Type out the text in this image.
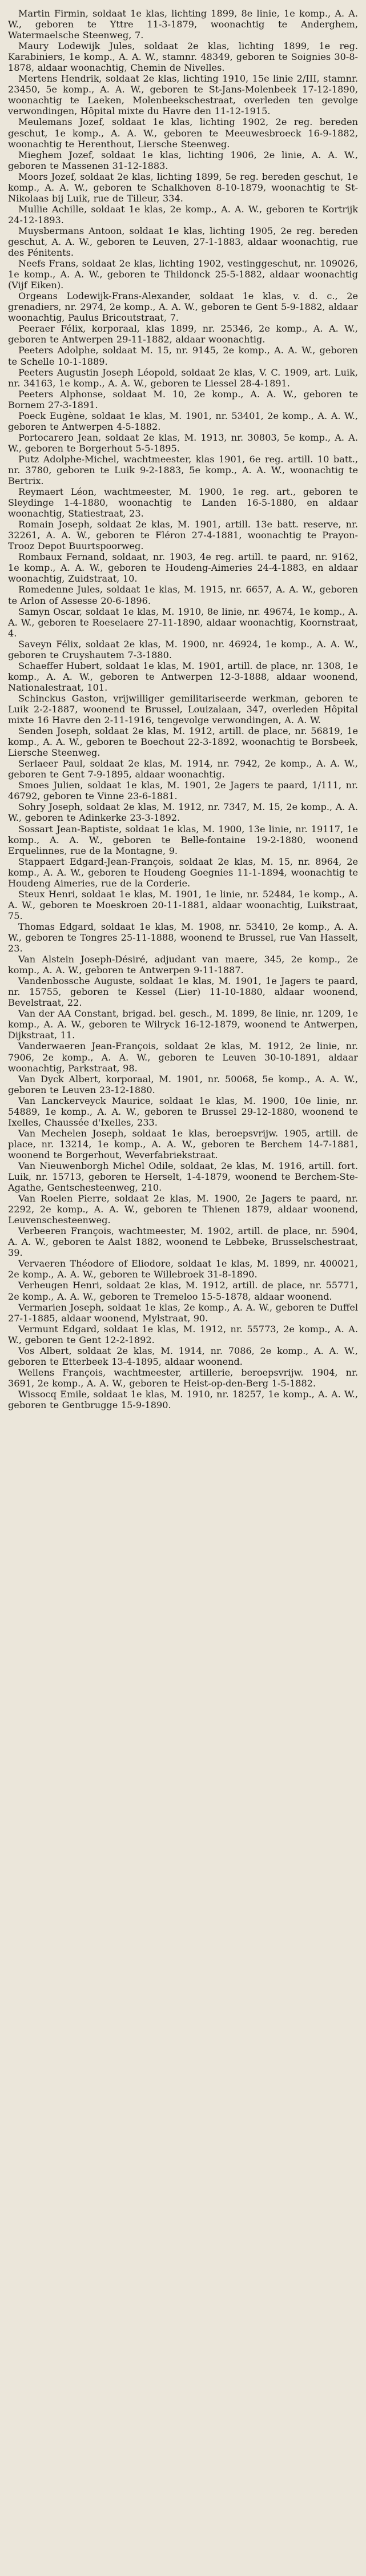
Martin Firmin, soldaat 1e klas, lichting 1899, 8e linie, 1e komp., A. A. W., geboren te Yttre 11-3-1879, woonachtig te Anderghem, Watermaelsche Steenweg, 7.

Maury Lodewijk Jules, soldaat 2e klas, lichting 1899, 1e reg. Karabiniers, 1e komp., A. A. W., stamnr. 48349, geboren te Soignies 30-8-1878, aldaar woonachtig, Chemin de Nivelles.

Mertens Hendrik, soldaat 2e klas, lichting 1910, 15e linie 2/III, stamnr. 23450, 5e komp., A. A. W., geboren te St-Jans-Molenbeek 17-12-1890, woonachtig te Laeken, Molenbeekschestraat, overleden ten gevolge verwondingen, Hôpital mixte du Havre den 11-12-1915.

Meulemans Jozef, soldaat 1e klas, lichting 1902, 2e reg. bereden geschut, 1e komp., A. A. W., geboren te Meeuwesbroeck 16-9-1882, woonachtig te Herenthout, Liersche Steenweg.

Mieghem Jozef, soldaat 1e klas, lichting 1906, 2e linie, A. A. W., geboren te Massenen 31-12-1883.

Moors Jozef, soldaat 2e klas, lichting 1899, 5e reg. bereden geschut, 1e komp., A. A. W., geboren te Schalkhoven 8-10-1879, woonachtig te St-Nikolaas bij Luik, rue de Tilleur, 334.

Mullie Achille, soldaat 1e klas, 2e komp., A. A. W., geboren te Kortrijk 24-12-1893.

Muysbermans Antoon, soldaat 1e klas, lichting 1905, 2e reg. bereden geschut, A. A. W., geboren te Leuven, 27-1-1883, aldaar woonachtig, rue des Pénitents.

Neefs Frans, soldaat 2e klas, lichting 1902, vestinggeschut, nr. 109026, 1e komp., A. A. W., geboren te Thildonck 25-5-1882, aldaar woonachtig (Vijf Eiken).

Orgeans Lodewijk-Frans-Alexander, soldaat 1e klas, v. d. c., 2e grenadiers, nr. 2974, 2e komp., A. A. W., geboren te Gent 5-9-1882, aldaar woonachtig, Paulus Bricoutstraat, 7.

Peeraer Félix, korporaal, klas 1899, nr. 25346, 2e komp., A. A. W., geboren te Antwerpen 29-11-1882, aldaar woonachtig.

Peeters Adolphe, soldaat M. 15, nr. 9145, 2e komp., A. A. W., geboren te Schelle 10-1-1889.

Peeters Augustin Joseph Léopold, soldaat 2e klas, V. C. 1909, art. Luik, nr. 34163, 1e komp., A. A. W., geboren te Liessel 28-4-1891.

Peeters Alphonse, soldaat M. 10, 2e komp., A. A. W., geboren te Bornem 27-3-1891.

Poeck Eugène, soldaat 1e klas, M. 1901, nr. 53401, 2e komp., A. A. W., geboren te Antwerpen 4-5-1882.

Portocarero Jean, soldaat 2e klas, M. 1913, nr. 30803, 5e komp., A. A. W., geboren te Borgerhout 5-5-1895.

Putz Adolphe-Michel, wachtmeester, klas 1901, 6e reg. artill. 10 batt., nr. 3780, geboren te Luik 9-2-1883, 5e komp., A. A. W., woonachtig te Bertrix.

Reymaert Léon, wachtmeester, M. 1900, 1e reg. art., geboren te Sleydinge 1-4-1880, woonachtig te Landen 16-5-1880, en aldaar woonachtig, Statiestraat, 23.

Romain Joseph, soldaat 2e klas, M. 1901, artill. 13e batt. reserve, nr. 32261, A. A. W., geboren te Fléron 27-4-1881, woonachtig te Prayon-Trooz Depot Buurtspoorweg.

Rombaux Fernand, soldaat, nr. 1903, 4e reg. artill. te paard, nr. 9162, 1e komp., A. A. W., geboren te Houdeng-Aimeries 24-4-1883, en aldaar woonachtig, Zuidstraat, 10.

Romedenne Jules, soldaat 1e klas, M. 1915, nr. 6657, A. A. W., geboren te Arlon of Assesse 20-6-1896.

Samyn Oscar, soldaat 1e klas, M. 1910, 8e linie, nr. 49674, 1e komp., A. A. W., geboren te Roeselaere 27-11-1890, aldaar woonachtig, Koornstraat, 4.

Saveyn Félix, soldaat 2e klas, M. 1900, nr. 46924, 1e komp., A. A. W., geboren te Cruyshautem 7-3-1880.

Schaeffer Hubert, soldaat 1e klas, M. 1901, artill. de place, nr. 1308, 1e komp., A. A. W., geboren te Antwerpen 12-3-1888, aldaar woonend, Nationalestraat, 101.

Schinckus Gaston, vrijwilliger gemilitariseerde werkman, geboren te Luik 2-2-1887, woonend te Brussel, Louizalaan, 347, overleden Hôpital mixte 16 Havre den 2-11-1916, tengevolge verwondingen, A. A. W.

Senden Joseph, soldaat 2e klas, M. 1912, artill. de place, nr. 56819, 1e komp., A. A. W., geboren te Boechout 22-3-1892, woonachtig te Borsbeek, Liersche Steenweg.

Serlaeer Paul, soldaat 2e klas, M. 1914, nr. 7942, 2e komp., A. A. W., geboren te Gent 7-9-1895, aldaar woonachtig.

Smoes Julien, soldaat 1e klas, M. 1901, 2e Jagers te paard, 1/111, nr. 46792, geboren te Vinne 23-6-1881.

Sohry Joseph, soldaat 2e klas, M. 1912, nr. 7347, M. 15, 2e komp., A. A. W., geboren te Adinkerke 23-3-1892.

Sossart Jean-Baptiste, soldaat 1e klas, M. 1900, 13e linie, nr. 19117, 1e komp., A. A. W., geboren te Belle-fontaine 19-2-1880, woonend Erquelinnes, rue de la Montagne, 9.

Stappaert Edgard-Jean-François, soldaat 2e klas, M. 15, nr. 8964, 2e komp., A. A. W., geboren te Houdeng Goegnies 11-1-1894, woonachtig te Houdeng Aimeries, rue de la Corderie.

Steux Henri, soldaat 1e klas, M. 1901, 1e linie, nr. 52484, 1e komp., A. A. W., geboren te Moeskroen 20-11-1881, aldaar woonachtig, Luikstraat, 75.

Thomas Edgard, soldaat 1e klas, M. 1908, nr. 53410, 2e komp., A. A. W., geboren te Tongres 25-11-1888, woonend te Brussel, rue Van Hasselt, 23.

Van Alstein Joseph-Désiré, adjudant van maere, 345, 2e komp., 2e komp., A. A. W., geboren te Antwerpen 9-11-1887.

Vandenbossche Auguste, soldaat 1e klas, M. 1901, 1e Jagers te paard, nr. 15755, geboren te Kessel (Lier) 11-10-1880, aldaar woonend, Bevelstraat, 22.

Van der AA Constant, brigad. bel. gesch., M. 1899, 8e linie, nr. 1209, 1e komp., A. A. W., geboren te Wilryck 16-12-1879, woonend te Antwerpen, Dijkstraat, 11.

Vanderwaeren Jean-François, soldaat 2e klas, M. 1912, 2e linie, nr. 7906, 2e komp., A. A. W., geboren te Leuven 30-10-1891, aldaar woonachtig, Parkstraat, 98.

Van Dyck Albert, korporaal, M. 1901, nr. 50068, 5e komp., A. A. W., geboren te Leuven 23-12-1880.

Van Lanckerveyck Maurice, soldaat 1e klas, M. 1900, 10e linie, nr. 54889, 1e komp., A. A. W., geboren te Brussel 29-12-1880, woonend te Ixelles, Chaussée d'Ixelles, 233.

Van Mechelen Joseph, soldaat 1e klas, beroepsvrijw. 1905, artill. de place, nr. 13214, 1e komp., A. A. W., geboren te Berchem 14-7-1881, woonend te Borgerhout, Weverfabriekstraat.

Van Nieuwenborgh Michel Odile, soldaat, 2e klas, M. 1916, artill. fort. Luik, nr. 15713, geboren te Herselt, 1-4-1879, woonend te Berchem-Ste-Agathe, Gentschesteenweg, 210.

Van Roelen Pierre, soldaat 2e klas, M. 1900, 2e Jagers te paard, nr. 2292, 2e komp., A. A. W., geboren te Thienen 1879, aldaar woonend, Leuvenschesteenweg.

Verbeeren François, wachtmeester, M. 1902, artill. de place, nr. 5904, A. A. W., geboren te Aalst 1882, woonend te Lebbeke, Brusselschestraat, 39.

Vervaeren Théodore of Eliodore, soldaat 1e klas, M. 1899, nr. 400021, 2e komp., A. A. W., geboren te Willebroek 31-8-1890.

Verheugen Henri, soldaat 2e klas, M. 1912, artill. de place, nr. 55771, 2e komp., A. A. W., geboren te Tremeloo 15-5-1878, aldaar woonend.

Vermarien Joseph, soldaat 1e klas, 2e komp., A. A. W., geboren te Duffel 27-1-1885, aldaar woonend, Mylstraat, 90.

Vermunt Edgard, soldaat 1e klas, M. 1912, nr. 55773, 2e komp., A. A. W., geboren te Gent 12-2-1892.

Vos Albert, soldaat 2e klas, M. 1914, nr. 7086, 2e komp., A. A. W., geboren te Etterbeek 13-4-1895, aldaar woonend.

Wellens François, wachtmeester, artillerie, beroepsvrijw. 1904, nr. 3691, 2e komp., A. A. W., geboren te Heist-op-den-Berg 1-5-1882.

Wissocq Emile, soldaat 1e klas, M. 1910, nr. 18257, 1e komp., A. A. W., geboren te Gentbrugge 15-9-1890.
